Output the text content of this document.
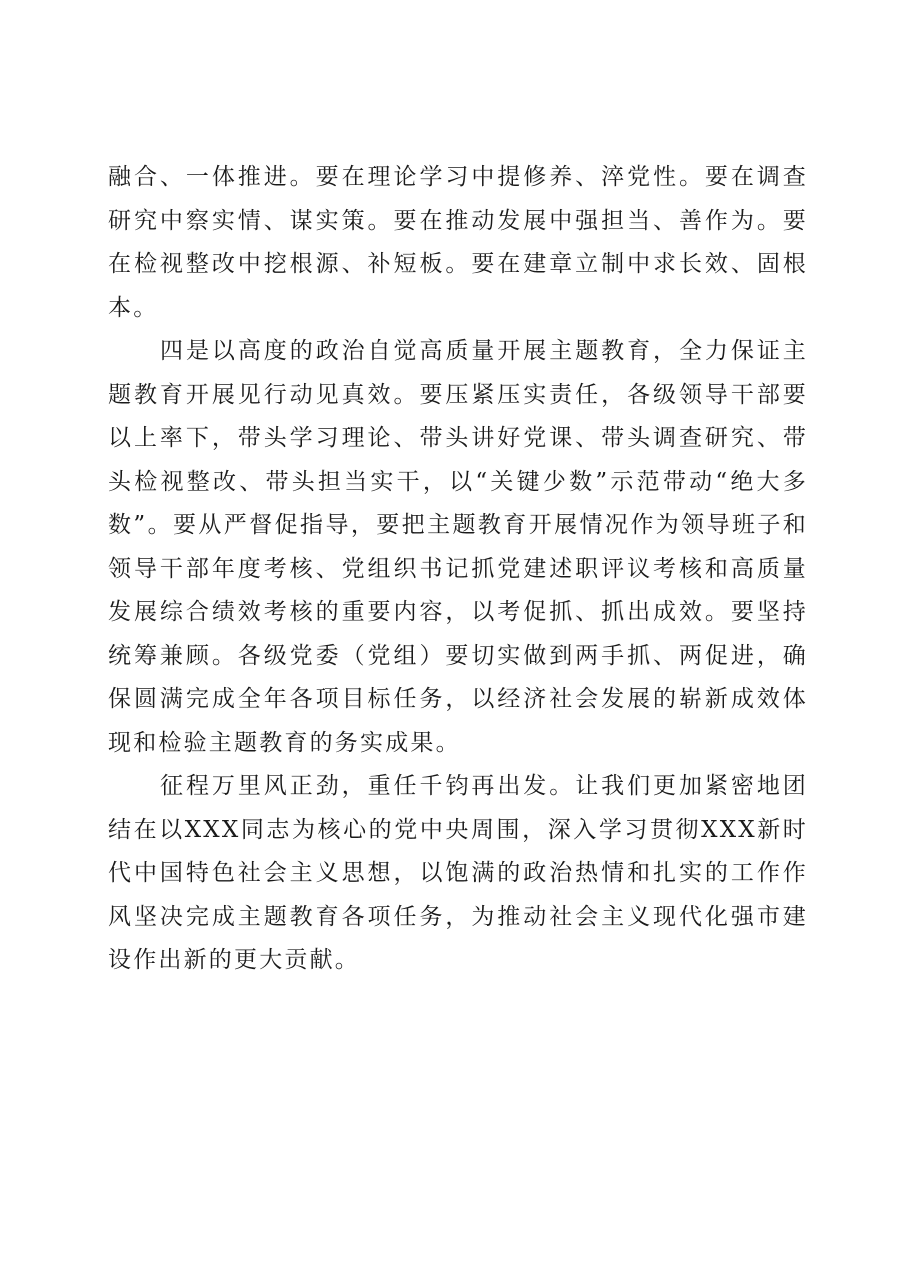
融合、一体推进。要在理论学习中提修养、淬党性。要在调查研究中察实情、谋实策。要在推动发展中强担当、善作为。要在检视整改中挖根源、补短板。要在建章立制中求长效、固根本。

四是以高度的政治自觉高质量开展主题教育，全力保证主题教育开展见行动见真效。要压紧压实责任，各级领导干部要以上率下，带头学习理论、带头讲好党课、带头调查研究、带头检视整改、带头担当实干，以“关键少数”示范带动“绝大多数”。要从严督促指导，要把主题教育开展情况作为领导班子和领导干部年度考核、党组织书记抓党建述职评议考核和高质量发展综合绩效考核的重要内容，以考促抓、抓出成效。要坚持统筹兼顾。各级党委（党组）要切实做到两手抓、两促进，确保圆满完成全年各项目标任务，以经济社会发展的崭新成效体现和检验主题教育的务实成果。

征程万里风正劲，重任千钧再出发。让我们更加紧密地团结在以XXX同志为核心的党中央周围，深入学习贯彻XXX新时代中国特色社会主义思想，以饱满的政治热情和扎实的工作作风坚决完成主题教育各项任务，为推动社会主义现代化强市建设作出新的更大贡献。
